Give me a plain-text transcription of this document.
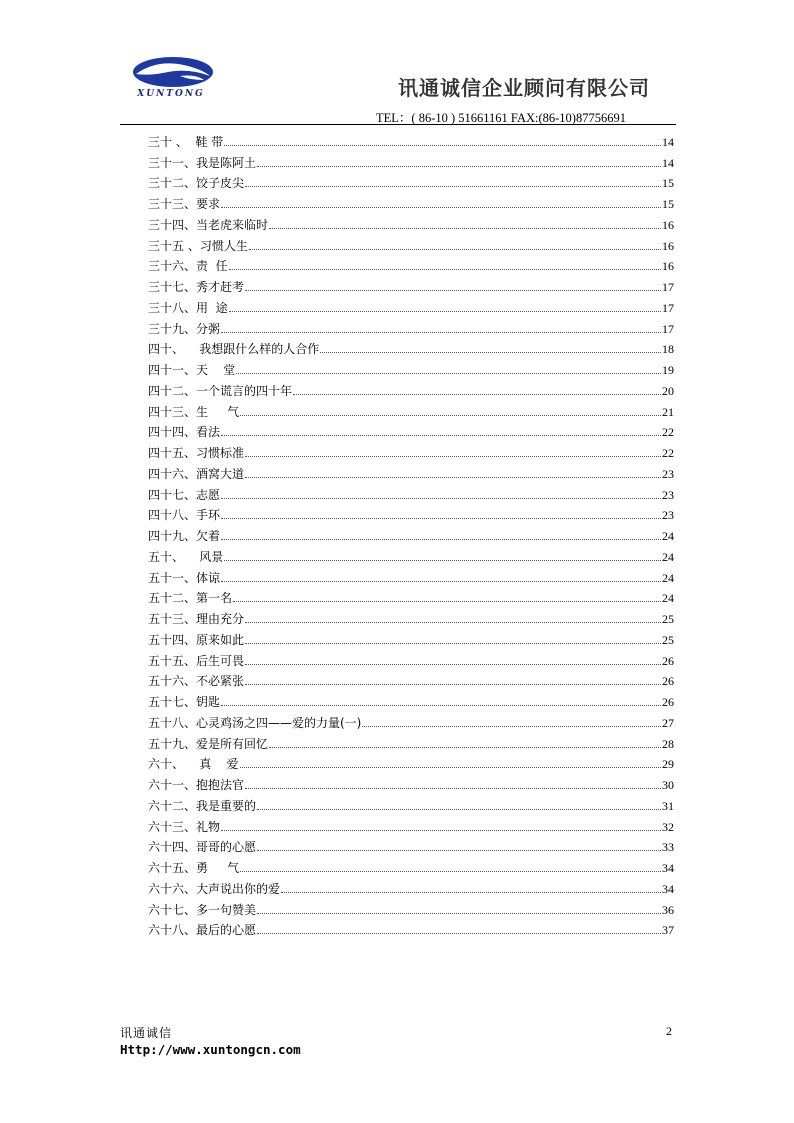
XUNTONG	讯通诚信企业顾问有限公司
TEL：( 86-10 ) 51661161 FAX:(86-10)87756691
三十 、  鞋 带	14
三十一、我是陈阿土	14
三十二、饺子皮尖	15
三十三、要求	15
三十四、当老虎来临时	16
三十五 、习惯人生	16
三十六、责  任	16
三十七、秀才赶考	17
三十八、用  途	17
三十九、分粥	17
四十、    我想跟什么样的人合作	18
四十一、天    堂	19
四十二、一个谎言的四十年	20
四十三、生     气	21
四十四、看法	22
四十五、习惯标准	22
四十六、酒窝大道	23
四十七、志愿	23
四十八、手环	23
四十九、欠着	24
五十、    风景	24
五十一、体谅	24
五十二、第一名	24
五十三、理由充分	25
五十四、原来如此	25
五十五、后生可畏	26
五十六、不必紧张	26
五十七、钥匙	26
五十八、心灵鸡汤之四——爱的力量(一)	27
五十九、爱是所有回忆	28
六十、    真    爱	29
六十一、抱抱法官	30
六十二、我是重要的	31
六十三、礼物	32
六十四、哥哥的心愿	33
六十五、勇     气	34
六十六、大声说出你的爱	34
六十七、多一句赞美	36
六十八、最后的心愿	37
讯通诚信
Http://www.xuntongcn.com
2
